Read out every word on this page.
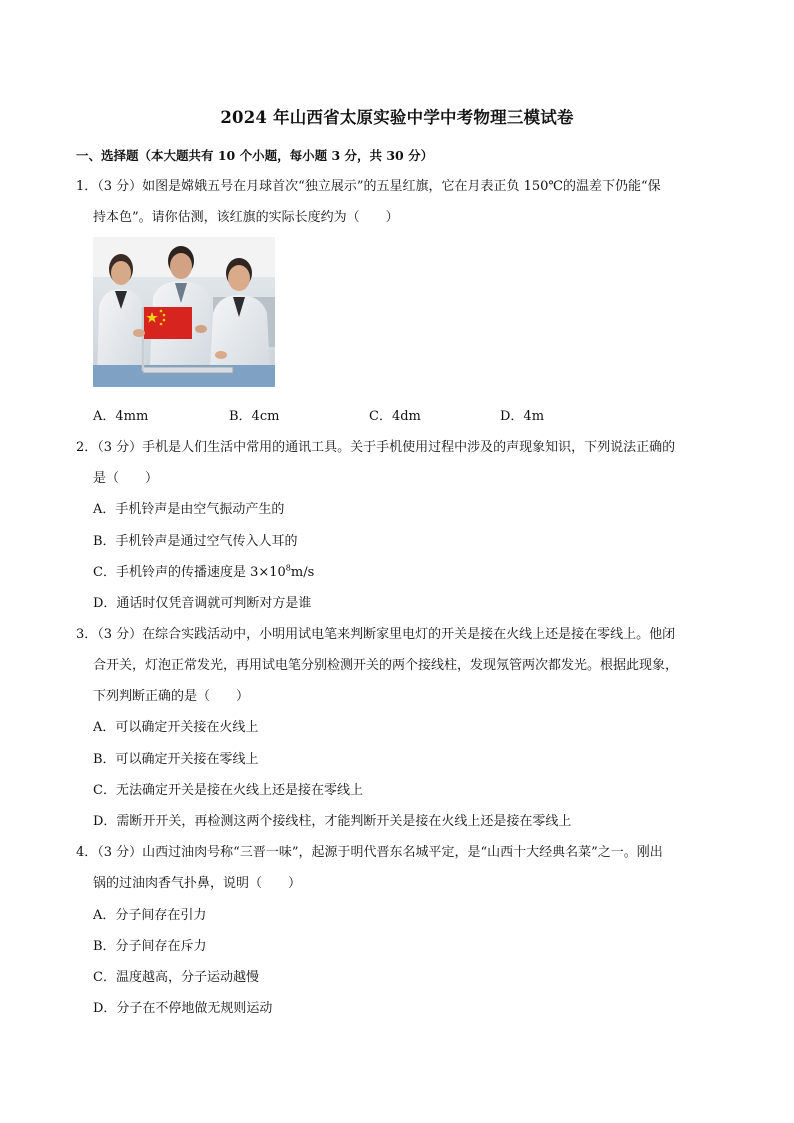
2024 年山西省太原实验中学中考物理三模试卷
一、选择题（本大题共有 10 个小题，每小题 3 分，共 30 分）
1．（3 分）如图是嫦娥五号在月球首次“独立展示”的五星红旗，它在月表正负 150℃的温差下仍能“保
持本色”。请你估测，该红旗的实际长度约为（　　）
A．4mm	B．4cm	C．4dm	D．4m
2．（3 分）手机是人们生活中常用的通讯工具。关于手机使用过程中涉及的声现象知识，下列说法正确的
是（　　）
A．手机铃声是由空气振动产生的
B．手机铃声是通过空气传入人耳的
C．手机铃声的传播速度是 $3\times 10^8m/s$
D．通话时仅凭音调就可判断对方是谁
3．（3 分）在综合实践活动中，小明用试电笔来判断家里电灯的开关是接在火线上还是接在零线上。他闭
合开关，灯泡正常发光，再用试电笔分别检测开关的两个接线柱，发现氖管两次都发光。根据此现象，
下列判断正确的是（　　）
A．可以确定开关接在火线上
B．可以确定开关接在零线上
C．无法确定开关是接在火线上还是接在零线上
D．需断开开关，再检测这两个接线柱，才能判断开关是接在火线上还是接在零线上
4．（3 分）山西过油肉号称“三晋一味”，起源于明代晋东名城平定，是“山西十大经典名菜”之一。刚出
锅的过油肉香气扑鼻，说明（　　）
A．分子间存在引力
B．分子间存在斥力
C．温度越高，分子运动越慢
D．分子在不停地做无规则运动
